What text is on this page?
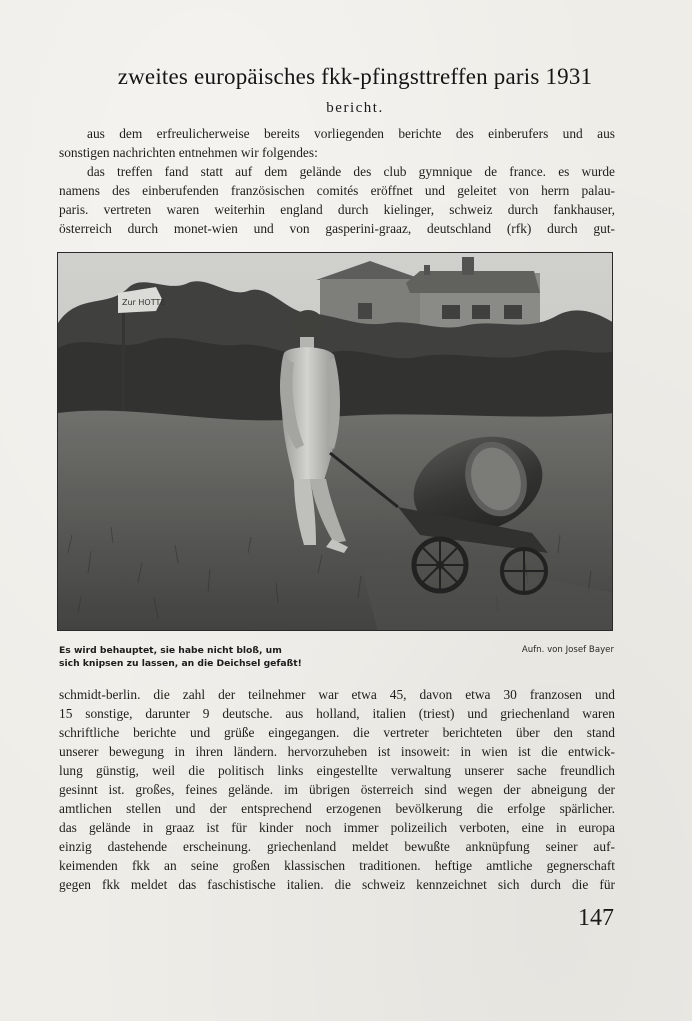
zweites europäisches fkk-pfingsttreffen paris 1931
bericht.
aus dem erfreulicherweise bereits vorliegenden berichte des einberufers und aus
sonstigen nachrichten entnehmen wir folgendes:
das treffen fand statt auf dem gelände des club gymnique de france. es wurde
namens des einberufenden französischen comités eröffnet und geleitet von herrn palau-
paris. vertreten waren weiterhin england durch kielinger, schweiz durch fankhauser,
österreich durch monet-wien und von gasperini-graaz, deutschland (rfk) durch gut-
Zur HOTTE
Es wird behauptet, sie habe nicht bloß, um
sich knipsen zu lassen, an die Deichsel gefaßt!
Aufn. von Josef Bayer
schmidt-berlin. die zahl der teilnehmer war etwa 45, davon etwa 30 franzosen und
15 sonstige, darunter 9 deutsche. aus holland, italien (triest) und griechenland waren
schriftliche berichte und grüße eingegangen. die vertreter berichteten über den stand
unserer bewegung in ihren ländern. hervorzuheben ist insoweit: in wien ist die entwick-
lung günstig, weil die politisch links eingestellte verwaltung unserer sache freundlich
gesinnt ist. großes, feines gelände. im übrigen österreich sind wegen der abneigung der
amtlichen stellen und der entsprechend erzogenen bevölkerung die erfolge spärlicher.
das gelände in graaz ist für kinder noch immer polizeilich verboten, eine in europa
einzig dastehende erscheinung. griechenland meldet bewußte anknüpfung seiner auf-
keimenden fkk an seine großen klassischen traditionen. heftige amtliche gegnerschaft
gegen fkk meldet das faschistische italien. die schweiz kennzeichnet sich durch die für
147
